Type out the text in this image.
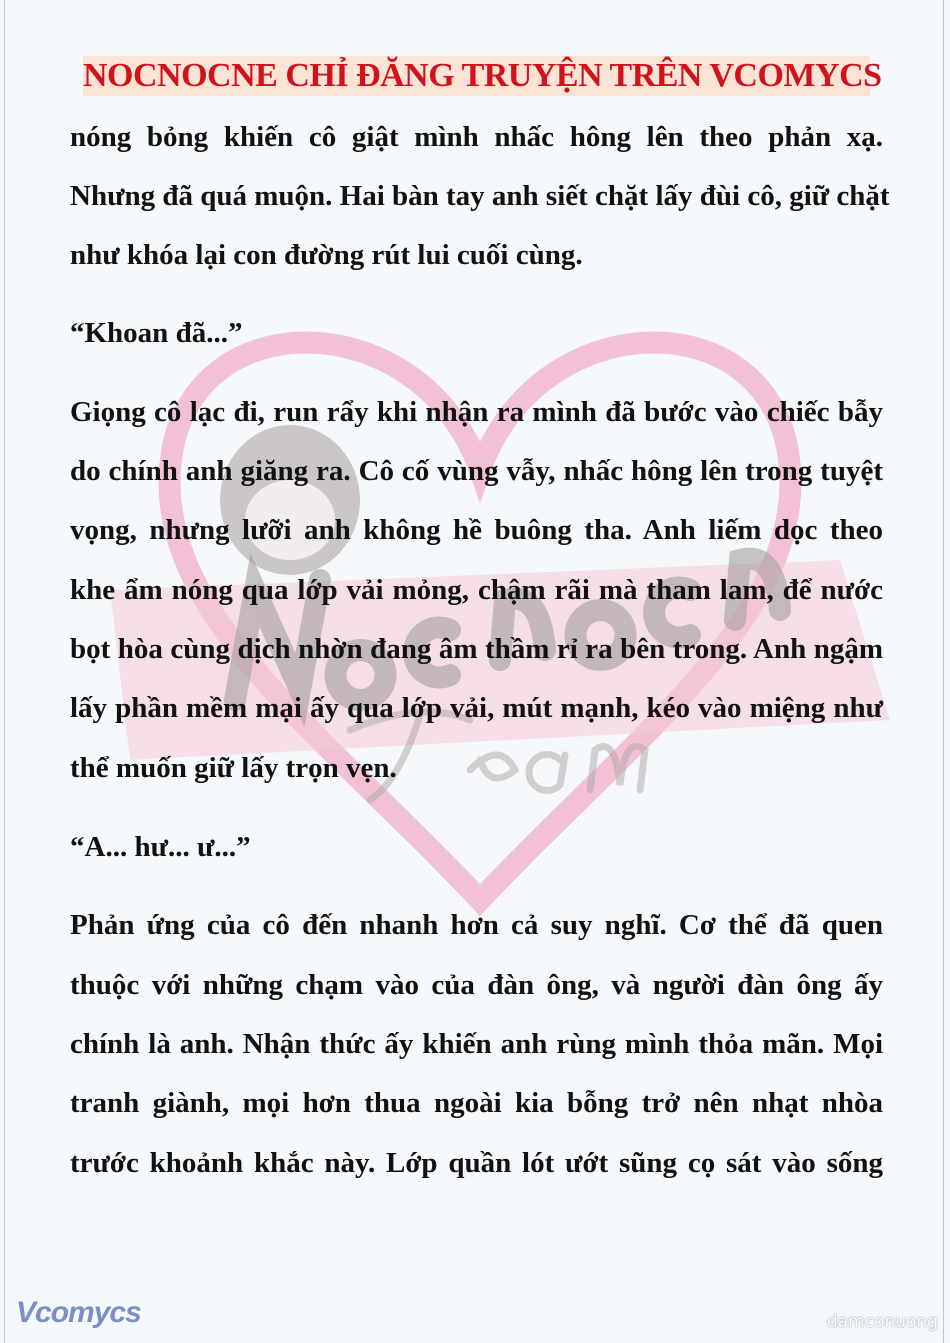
NOCNOCNE CHỈ ĐĂNG TRUYỆN TRÊN VCOMYCS
nóng bỏng khiến cô giật mình nhấc hông lên theo phản xạ.
Nhưng đã quá muộn. Hai bàn tay anh siết chặt lấy đùi cô, giữ chặt
như khóa lại con đường rút lui cuối cùng.
“Khoan đã...”
Giọng cô lạc đi, run rẩy khi nhận ra mình đã bước vào chiếc bẫy
do chính anh giăng ra. Cô cố vùng vẫy, nhấc hông lên trong tuyệt
vọng, nhưng lưỡi anh không hề buông tha. Anh liếm dọc theo
khe ẩm nóng qua lớp vải mỏng, chậm rãi mà tham lam, để nước
bọt hòa cùng dịch nhờn đang âm thầm rỉ ra bên trong. Anh ngậm
lấy phần mềm mại ấy qua lớp vải, mút mạnh, kéo vào miệng như
thể muốn giữ lấy trọn vẹn.
“A... hư... ư...”
Phản ứng của cô đến nhanh hơn cả suy nghĩ. Cơ thể đã quen
thuộc với những chạm vào của đàn ông, và người đàn ông ấy
chính là anh. Nhận thức ấy khiến anh rùng mình thỏa mãn. Mọi
tranh giành, mọi hơn thua ngoài kia bỗng trở nên nhạt nhòa
trước khoảnh khắc này. Lớp quần lót ướt sũng cọ sát vào sống
Vcomycs	damconuong
